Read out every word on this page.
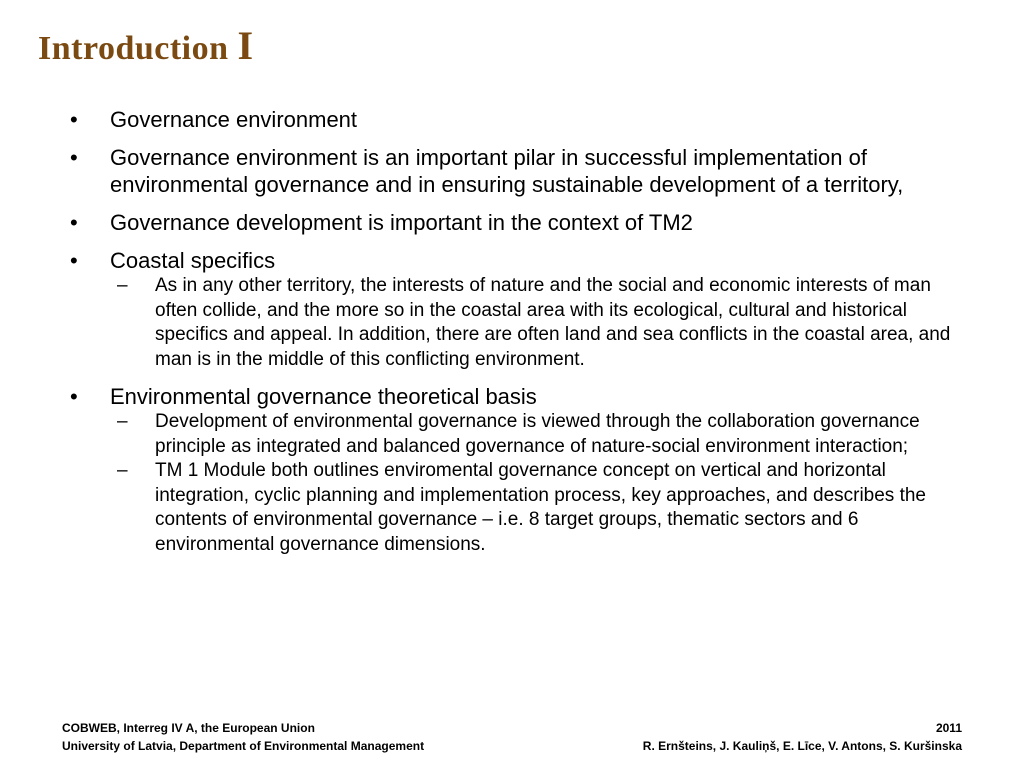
Introduction I
•	Governance environment
•	Governance environment is an important pilar in successful implementation of environmental governance and in ensuring sustainable development of a territory,
•	Governance development is important in the context of TM2
•	Coastal specifics
–	As in any other territory, the interests of nature and the social and economic interests of man often collide, and the more so in the coastal area with its ecological, cultural and historical specifics and appeal. In addition, there are often land and sea conflicts in the coastal area, and man is in the middle of this conflicting environment.
•	Environmental governance theoretical basis
–	Development of environmental governance is viewed through the collaboration governance principle as integrated and balanced governance of nature-social environment interaction;
–	TM 1 Module both outlines enviromental governance concept on vertical and horizontal integration, cyclic planning and implementation process, key approaches, and describes the contents of environmental governance – i.e. 8 target groups, thematic sectors and 6 environmental governance dimensions.
COBWEB, Interreg IV A, the European Union
University of Latvia, Department of Environmental Management
2011
R. Ernšteins, J. Kauliņš, E. Līce, V. Antons, S. Kuršinska
